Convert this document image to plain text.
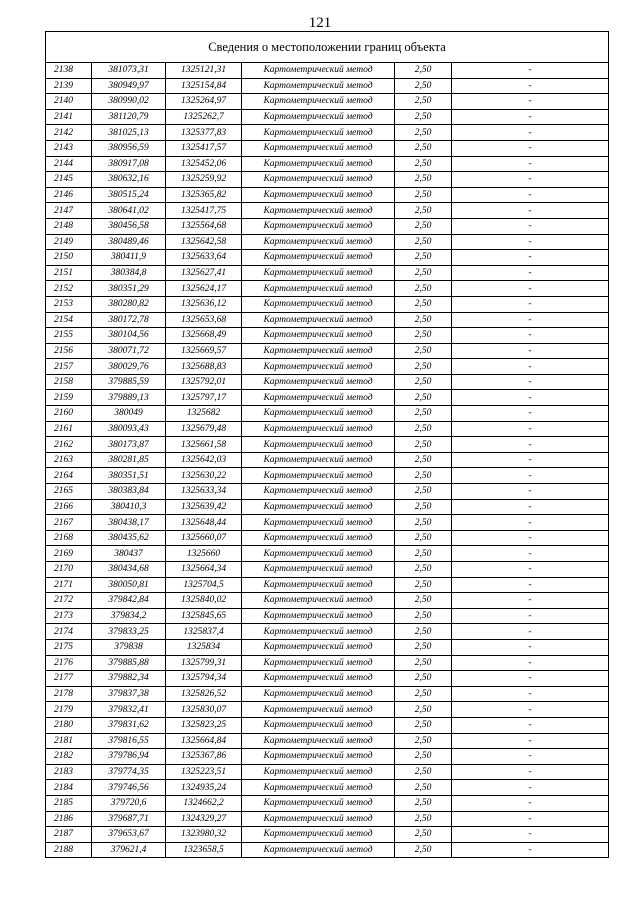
121
Сведения о местоположении границ объекта					
2138	381073,31	1325121,31	Картометрический метод	2,50	-
2139	380949,97	1325154,84	Картометрический метод	2,50	-
2140	380990,02	1325264,97	Картометрический метод	2,50	-
2141	381120,79	1325262,7	Картометрический метод	2,50	-
2142	381025,13	1325377,83	Картометрический метод	2,50	-
2143	380956,59	1325417,57	Картометрический метод	2,50	-
2144	380917,08	1325452,06	Картометрический метод	2,50	-
2145	380632,16	1325259,92	Картометрический метод	2,50	-
2146	380515,24	1325365,82	Картометрический метод	2,50	-
2147	380641,02	1325417,75	Картометрический метод	2,50	-
2148	380456,58	1325564,68	Картометрический метод	2,50	-
2149	380489,46	1325642,58	Картометрический метод	2,50	-
2150	380411,9	1325633,64	Картометрический метод	2,50	-
2151	380384,8	1325627,41	Картометрический метод	2,50	-
2152	380351,29	1325624,17	Картометрический метод	2,50	-
2153	380280,82	1325636,12	Картометрический метод	2,50	-
2154	380172,78	1325653,68	Картометрический метод	2,50	-
2155	380104,56	1325668,49	Картометрический метод	2,50	-
2156	380071,72	1325669,57	Картометрический метод	2,50	-
2157	380029,76	1325688,83	Картометрический метод	2,50	-
2158	379885,59	1325792,01	Картометрический метод	2,50	-
2159	379889,13	1325797,17	Картометрический метод	2,50	-
2160	380049	1325682	Картометрический метод	2,50	-
2161	380093,43	1325679,48	Картометрический метод	2,50	-
2162	380173,87	1325661,58	Картометрический метод	2,50	-
2163	380281,85	1325642,03	Картометрический метод	2,50	-
2164	380351,51	1325630,22	Картометрический метод	2,50	-
2165	380383,84	1325633,34	Картометрический метод	2,50	-
2166	380410,3	1325639,42	Картометрический метод	2,50	-
2167	380438,17	1325648,44	Картометрический метод	2,50	-
2168	380435,62	1325660,07	Картометрический метод	2,50	-
2169	380437	1325660	Картометрический метод	2,50	-
2170	380434,68	1325664,34	Картометрический метод	2,50	-
2171	380050,81	1325704,5	Картометрический метод	2,50	-
2172	379842,84	1325840,02	Картометрический метод	2,50	-
2173	379834,2	1325845,65	Картометрический метод	2,50	-
2174	379833,25	1325837,4	Картометрический метод	2,50	-
2175	379838	1325834	Картометрический метод	2,50	-
2176	379885,88	1325799,31	Картометрический метод	2,50	-
2177	379882,34	1325794,34	Картометрический метод	2,50	-
2178	379837,38	1325826,52	Картометрический метод	2,50	-
2179	379832,41	1325830,07	Картометрический метод	2,50	-
2180	379831,62	1325823,25	Картометрический метод	2,50	-
2181	379816,55	1325664,84	Картометрический метод	2,50	-
2182	379786,94	1325367,86	Картометрический метод	2,50	-
2183	379774,35	1325223,51	Картометрический метод	2,50	-
2184	379746,56	1324935,24	Картометрический метод	2,50	-
2185	379720,6	1324662,2	Картометрический метод	2,50	-
2186	379687,71	1324329,27	Картометрический метод	2,50	-
2187	379653,67	1323980,32	Картометрический метод	2,50	-
2188	379621,4	1323658,5	Картометрический метод	2,50	-
